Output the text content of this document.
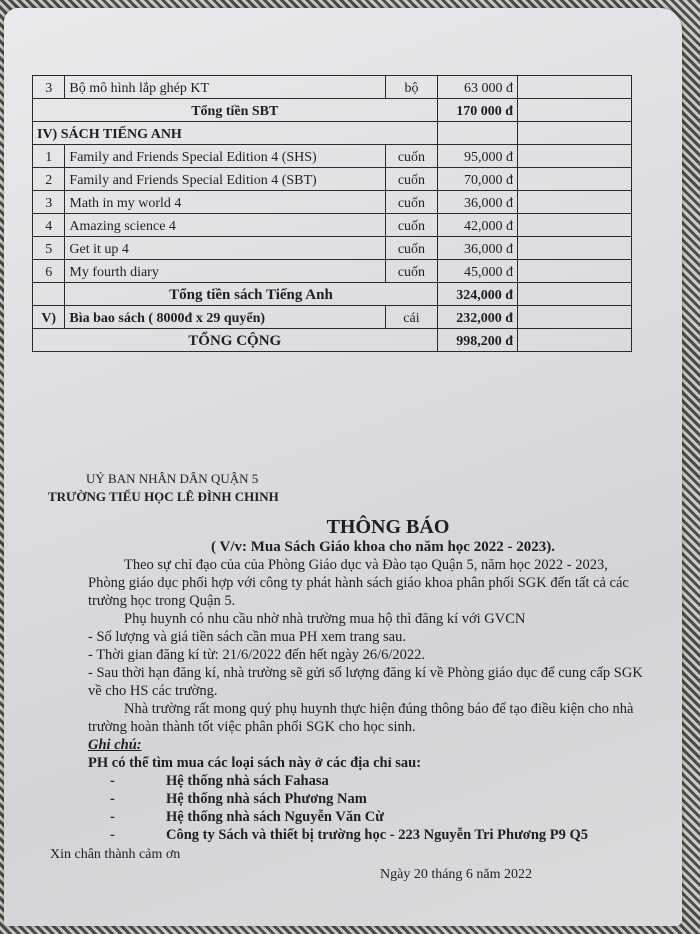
3	Bộ mô hình lắp ghép KT	bộ	63 000 đ	
Tổng tiền SBT			170 000 đ	
IV) SÁCH TIẾNG ANH				
1	Family and Friends Special Edition 4 (SHS)	cuốn	95,000 đ	
2	Family and Friends Special Edition 4 (SBT)	cuốn	70,000 đ	
3	Math in my world 4	cuốn	36,000 đ	
4	Amazing science 4	cuốn	42,000 đ	
5	Get it up 4	cuốn	36,000 đ	
6	My fourth diary	cuốn	45,000 đ	
	Tổng tiền sách Tiếng Anh		324,000 đ	
V)	Bìa bao sách ( 8000đ x 29 quyển)	cái	232,000 đ	
TỔNG CỘNG			998,200 đ	
UỶ BAN NHÂN DÂN QUẬN 5
TRƯỜNG TIỂU HỌC LÊ ĐÌNH CHINH
THÔNG BÁO
( V/v: Mua Sách Giáo khoa cho năm học 2022 - 2023).

Theo sự chỉ đạo của của Phòng Giáo dục và Đào tạo Quận 5, năm học 2022 - 2023, Phòng giáo dục phối hợp với công ty phát hành sách giáo khoa phân phối SGK đến tất cả các trường học trong Quận 5.

Phụ huynh có nhu cầu nhờ nhà trường mua hộ thì đăng kí với GVCN

- Số lượng và giá tiền sách cần mua PH xem trang sau.

- Thời gian đăng kí từ: 21/6/2022 đến hết ngày 26/6/2022.

- Sau thời hạn đăng kí, nhà trường sẽ gửi số lượng đăng kí về Phòng giáo dục để cung cấp SGK về cho HS các trường.

Nhà trường rất mong quý phụ huynh thực hiện đúng thông báo để tạo điều kiện cho nhà trường hoàn thành tốt việc phân phối SGK cho học sinh.

Ghi chú:

PH có thể tìm mua các loại sách này ở các địa chỉ sau:

-	Hệ thống nhà sách Fahasa
-	Hệ thống nhà sách Phương Nam
-	Hệ thống nhà sách Nguyễn Văn Cừ
-	Công ty Sách và thiết bị trường học - 223 Nguyễn Tri Phương P9 Q5
Xin chân thành cảm ơn
Ngày 20 tháng 6 năm 2022
